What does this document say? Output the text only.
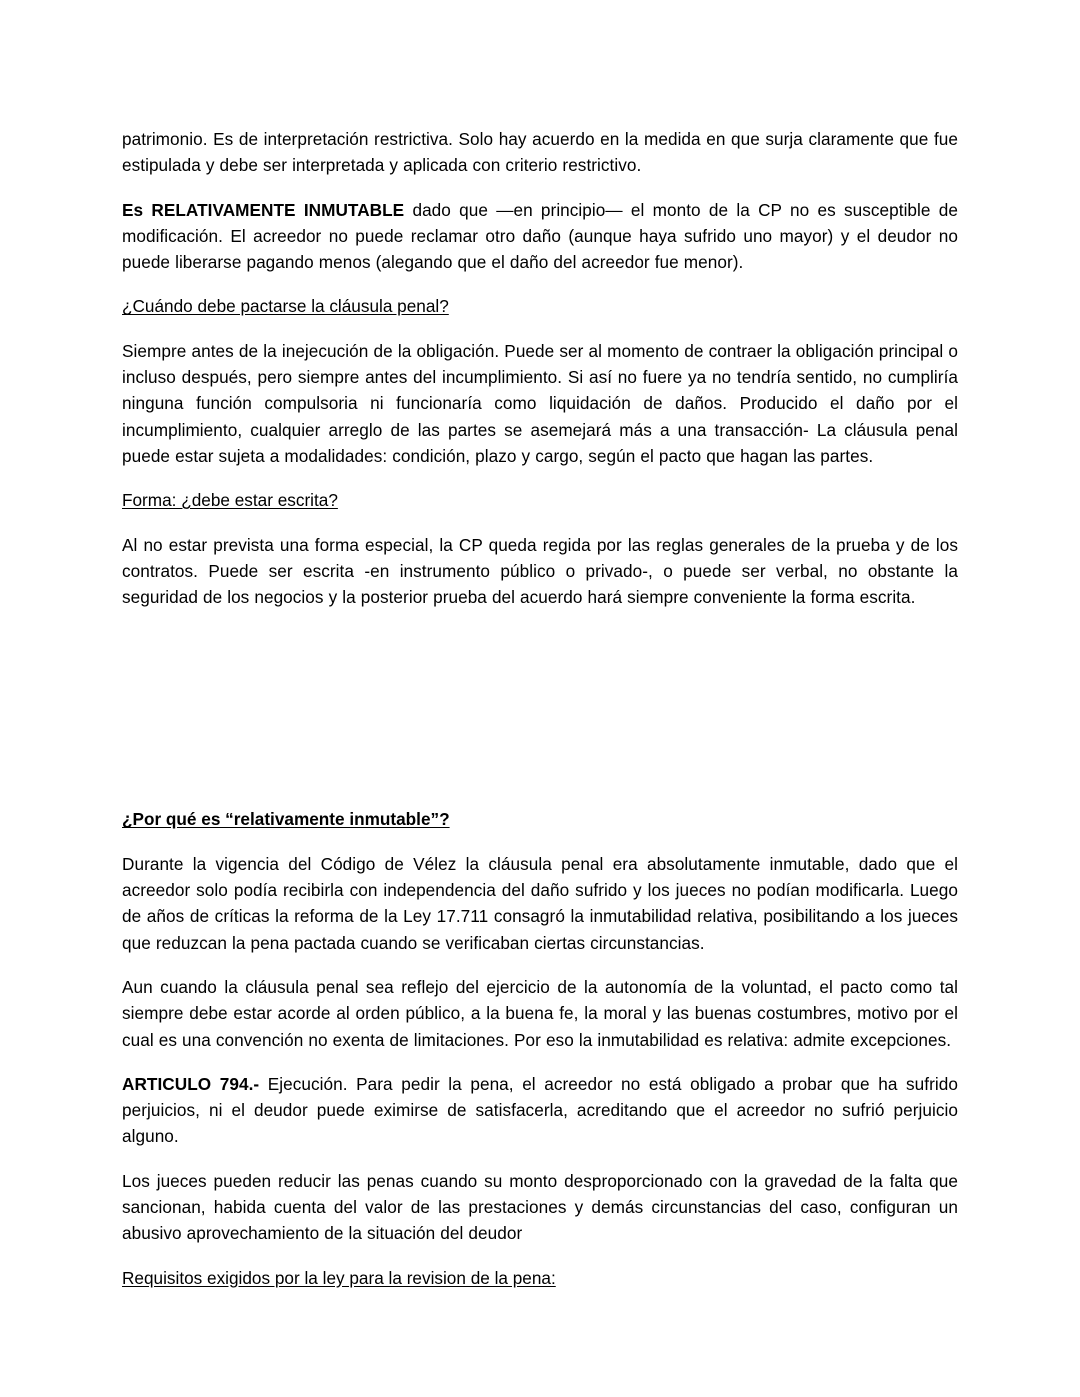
patrimonio. Es de interpretación restrictiva. Solo hay acuerdo en la medida en que surja claramente que fue estipulada y debe ser interpretada y aplicada con criterio restrictivo.

Es RELATIVAMENTE INMUTABLE dado que —en principio— el monto de la CP no es susceptible de modificación. El acreedor no puede reclamar otro daño (aunque haya sufrido uno mayor) y el deudor no puede liberarse pagando menos (alegando que el daño del acreedor fue menor).

¿Cuándo debe pactarse la cláusula penal?

Siempre antes de la inejecución de la obligación. Puede ser al momento de contraer la obligación principal o incluso después, pero siempre antes del incumplimiento. Si así no fuere ya no tendría sentido, no cumpliría ninguna función compulsoria ni funcionaría como liquidación de daños. Producido el daño por el incumplimiento, cualquier arreglo de las partes se asemejará más a una transacción- La cláusula penal puede estar sujeta a modalidades: condición, plazo y cargo, según el pacto que hagan las partes.

Forma: ¿debe estar escrita?

Al no estar prevista una forma especial, la CP queda regida por las reglas generales de la prueba y de los contratos. Puede ser escrita -en instrumento público o privado-, o puede ser verbal, no obstante la seguridad de los negocios y la posterior prueba del acuerdo hará siempre conveniente la forma escrita.

¿Por qué es “relativamente inmutable”?

Durante la vigencia del Código de Vélez la cláusula penal era absolutamente inmutable, dado que el acreedor solo podía recibirla con independencia del daño sufrido y los jueces no podían modificarla. Luego de años de críticas la reforma de la Ley 17.711 consagró la inmutabilidad relativa, posibilitando a los jueces que reduzcan la pena pactada cuando se verificaban ciertas circunstancias.

Aun cuando la cláusula penal sea reflejo del ejercicio de la autonomía de la voluntad, el pacto como tal siempre debe estar acorde al orden público, a la buena fe, la moral y las buenas costumbres, motivo por el cual es una convención no exenta de limitaciones. Por eso la inmutabilidad es relativa: admite excepciones.

ARTICULO 794.- Ejecución. Para pedir la pena, el acreedor no está obligado a probar que ha sufrido perjuicios, ni el deudor puede eximirse de satisfacerla, acreditando que el acreedor no sufrió perjuicio alguno.

Los jueces pueden reducir las penas cuando su monto desproporcionado con la gravedad de la falta que sancionan, habida cuenta del valor de las prestaciones y demás circunstancias del caso, configuran un abusivo aprovechamiento de la situación del deudor

Requisitos exigidos por la ley para la revision de la pena:
